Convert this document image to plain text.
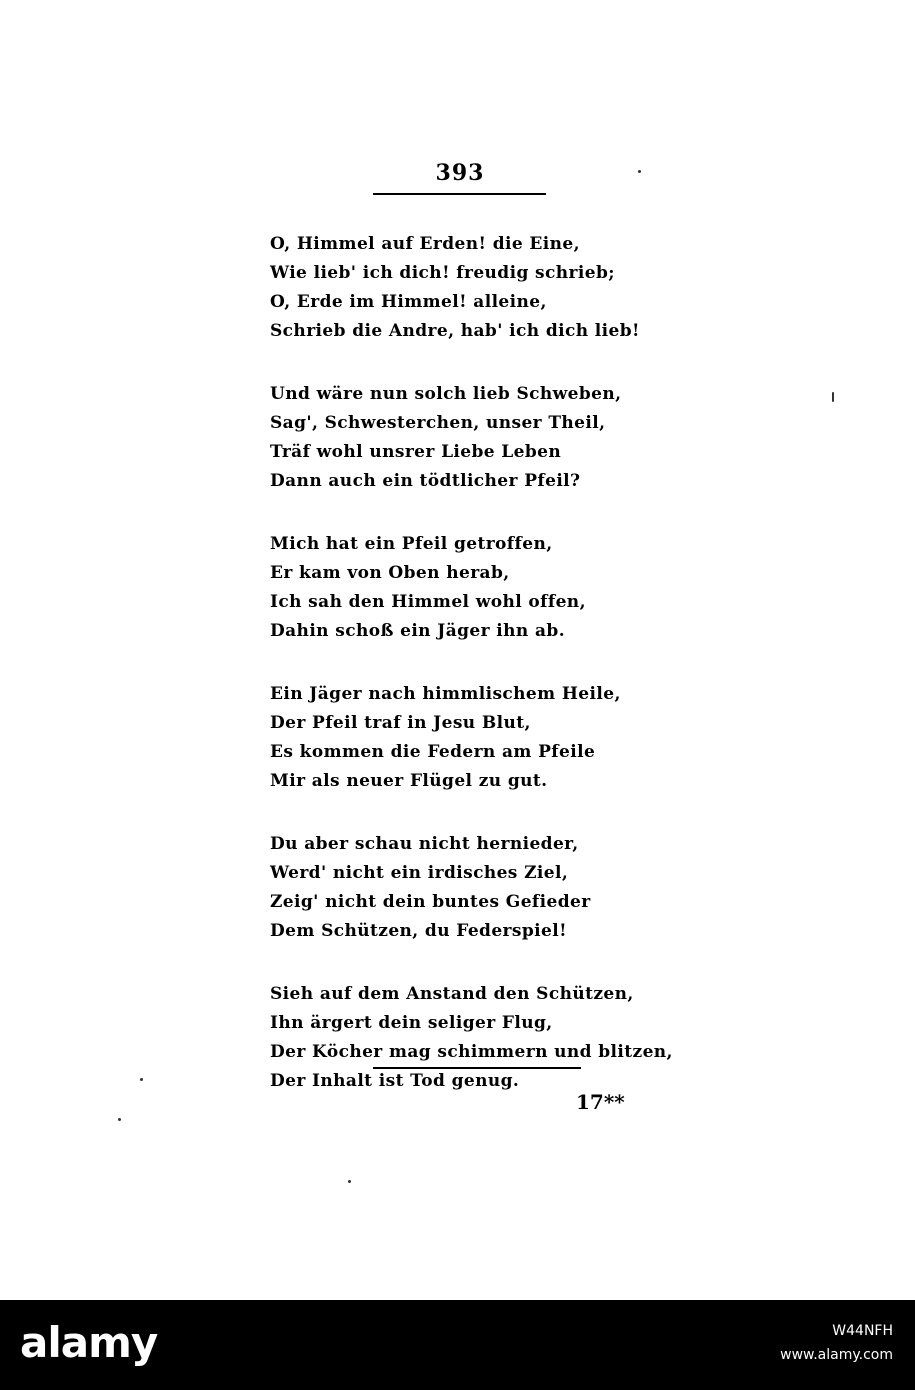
393
O, Himmel auf Erden! die Eine,
Wie lieb' ich dich! freudig schrieb;
O, Erde im Himmel! alleine,
Schrieb die Andre, hab' ich dich lieb!
Und wäre nun solch lieb Schweben,
Sag', Schwesterchen, unser Theil,
Träf wohl unsrer Liebe Leben
Dann auch ein tödtlicher Pfeil?
Mich hat ein Pfeil getroffen,
Er kam von Oben herab,
Ich sah den Himmel wohl offen,
Dahin schoß ein Jäger ihn ab.
Ein Jäger nach himmlischem Heile,
Der Pfeil traf in Jesu Blut,
Es kommen die Federn am Pfeile
Mir als neuer Flügel zu gut.
Du aber schau nicht hernieder,
Werd' nicht ein irdisches Ziel,
Zeig' nicht dein buntes Gefieder
Dem Schützen, du Federspiel!
Sieh auf dem Anstand den Schützen,
Ihn ärgert dein seliger Flug,
Der Köcher mag schimmern und blitzen,
Der Inhalt ist Tod genug.
17**
alamy	W44NFH
www.alamy.com
